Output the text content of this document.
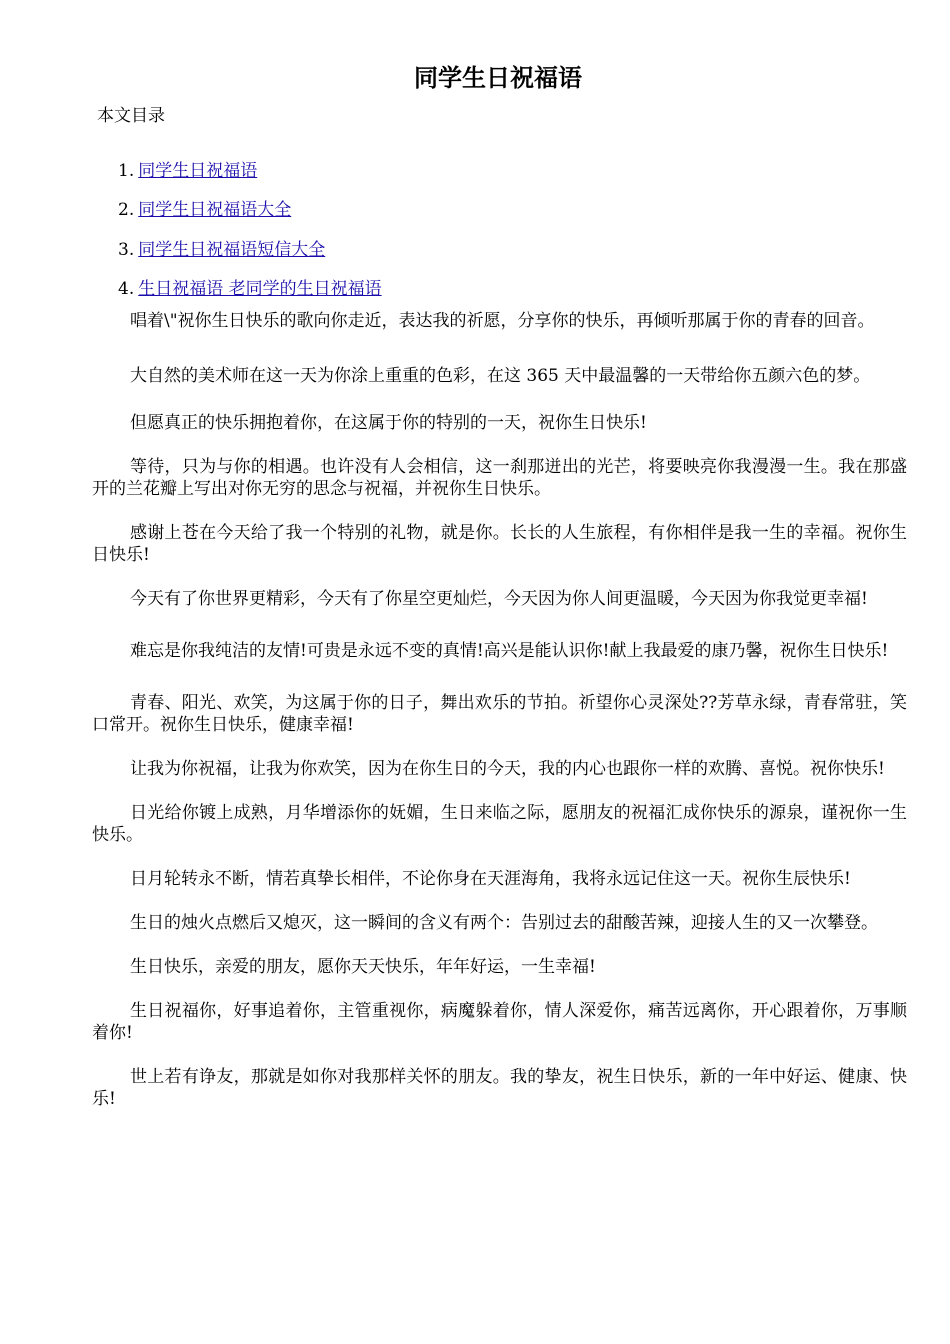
同学生日祝福语

本文目录

1. 同学生日祝福语
2. 同学生日祝福语大全
3. 同学生日祝福语短信大全
4. 生日祝福语 老同学的生日祝福语

唱着\"祝你生日快乐的歌向你走近，表达我的祈愿，分享你的快乐，再倾听那属于你的青春的回音。

大自然的美术师在这一天为你涂上重重的色彩，在这 365 天中最温馨的一天带给你五颜六色的梦。

但愿真正的快乐拥抱着你，在这属于你的特别的一天，祝你生日快乐!

等待，只为与你的相遇。也许没有人会相信，这一刹那迸出的光芒，将要映亮你我漫漫一生。我在那盛开的兰花瓣上写出对你无穷的思念与祝福，并祝你生日快乐。

感谢上苍在今天给了我一个特别的礼物，就是你。长长的人生旅程，有你相伴是我一生的幸福。祝你生日快乐!

今天有了你世界更精彩，今天有了你星空更灿烂，今天因为你人间更温暖，今天因为你我觉更幸福!

难忘是你我纯洁的友情!可贵是永远不变的真情!高兴是能认识你!献上我最爱的康乃馨，祝你生日快乐!

青春、阳光、欢笑，为这属于你的日子，舞出欢乐的节拍。祈望你心灵深处??芳草永绿，青春常驻，笑口常开。祝你生日快乐，健康幸福!

让我为你祝福，让我为你欢笑，因为在你生日的今天，我的内心也跟你一样的欢腾、喜悦。祝你快乐!

日光给你镀上成熟，月华增添你的妩媚，生日来临之际，愿朋友的祝福汇成你快乐的源泉，谨祝你一生快乐。

日月轮转永不断，情若真挚长相伴，不论你身在天涯海角，我将永远记住这一天。祝你生辰快乐!

生日的烛火点燃后又熄灭，这一瞬间的含义有两个：告别过去的甜酸苦辣，迎接人生的又一次攀登。

生日快乐，亲爱的朋友，愿你天天快乐，年年好运，一生幸福!

生日祝福你，好事追着你，主管重视你，病魔躲着你，情人深爱你，痛苦远离你，开心跟着你，万事顺着你!

世上若有诤友，那就是如你对我那样关怀的朋友。我的挚友，祝生日快乐，新的一年中好运、健康、快乐!
